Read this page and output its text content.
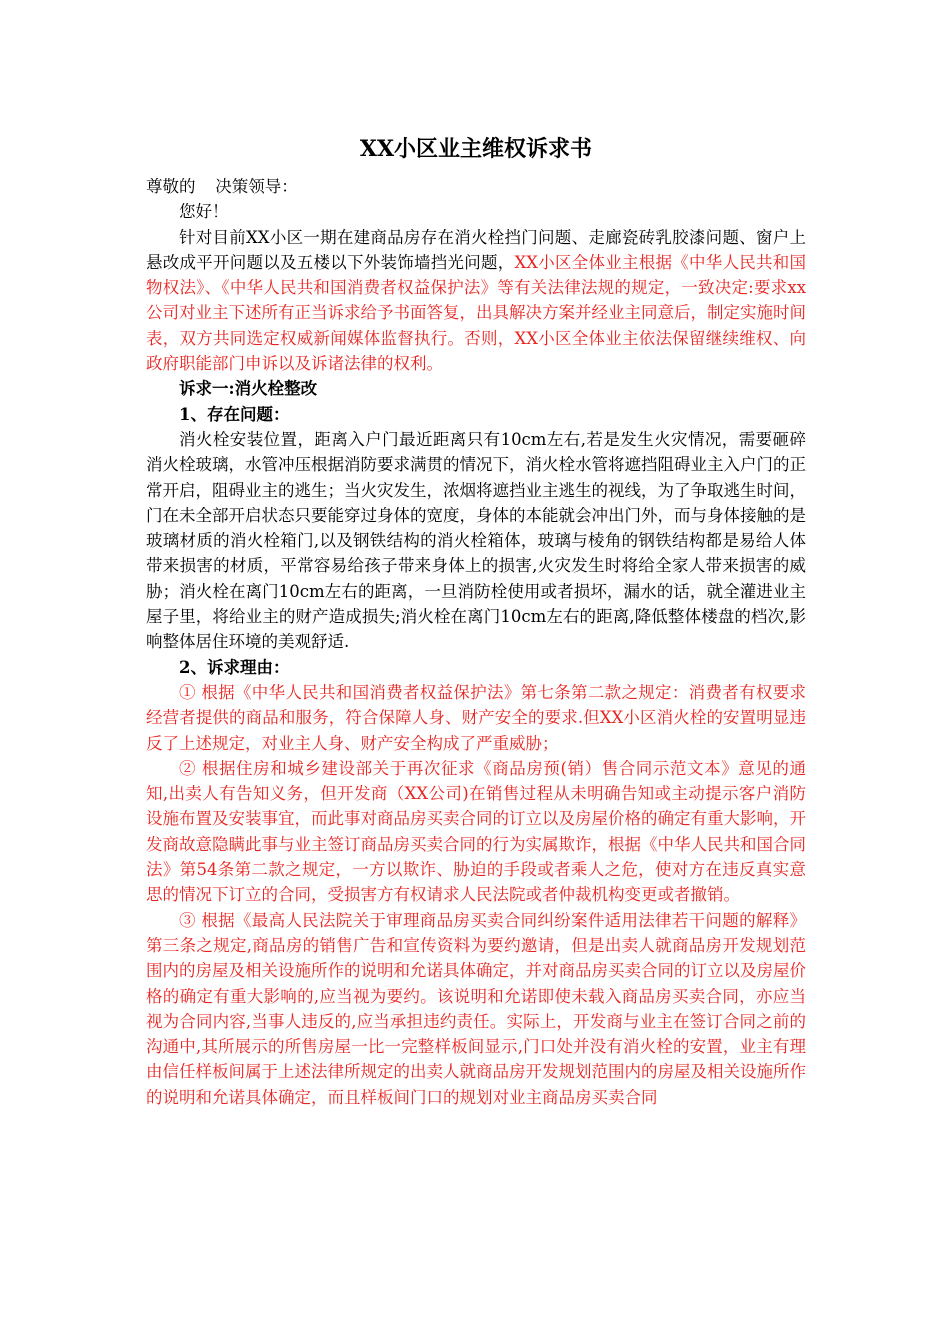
XX小区业主维权诉求书

尊敬的 决策领导：

您好！

针对目前XX小区一期在建商品房存在消火栓挡门问题、走廊瓷砖乳胶漆问题、窗户上悬改成平开问题以及五楼以下外装饰墙挡光问题，XX小区全体业主根据《中华人民共和国物权法》、《中华人民共和国消费者权益保护法》等有关法律法规的规定，一致决定:要求xx公司对业主下述所有正当诉求给予书面答复，出具解决方案并经业主同意后，制定实施时间表，双方共同选定权威新闻媒体监督执行。否则，XX小区全体业主依法保留继续维权、向政府职能部门申诉以及诉诸法律的权利。

诉求一:消火栓整改

1、存在问题：

消火栓安装位置，距离入户门最近距离只有10cm左右,若是发生火灾情况，需要砸碎消火栓玻璃，水管冲压根据消防要求满贯的情况下，消火栓水管将遮挡阻碍业主入户门的正常开启，阻碍业主的逃生；当火灾发生，浓烟将遮挡业主逃生的视线，为了争取逃生时间，门在未全部开启状态只要能穿过身体的宽度，身体的本能就会冲出门外，而与身体接触的是玻璃材质的消火栓箱门,以及钢铁结构的消火栓箱体，玻璃与棱角的钢铁结构都是易给人体带来损害的材质，平常容易给孩子带来身体上的损害,火灾发生时将给全家人带来损害的威胁；消火栓在离门10cm左右的距离，一旦消防栓使用或者损坏，漏水的话，就全灌进业主屋子里，将给业主的财产造成损失;消火栓在离门10cm左右的距离,降低整体楼盘的档次,影响整体居住环境的美观舒适.

2、诉求理由：

① 根据《中华人民共和国消费者权益保护法》第七条第二款之规定：消费者有权要求经营者提供的商品和服务，符合保障人身、财产安全的要求.但XX小区消火栓的安置明显违反了上述规定，对业主人身、财产安全构成了严重威胁；

② 根据住房和城乡建设部关于再次征求《商品房预(销）售合同示范文本》意见的通知,出卖人有告知义务，但开发商（XX公司)在销售过程从未明确告知或主动提示客户消防设施布置及安装事宜，而此事对商品房买卖合同的订立以及房屋价格的确定有重大影响，开发商故意隐瞒此事与业主签订商品房买卖合同的行为实属欺诈，根据《中华人民共和国合同法》第54条第二款之规定，一方以欺诈、胁迫的手段或者乘人之危，使对方在违反真实意思的情况下订立的合同，受损害方有权请求人民法院或者仲裁机构变更或者撤销。

③ 根据《最高人民法院关于审理商品房买卖合同纠纷案件适用法律若干问题的解释》第三条之规定,商品房的销售广告和宣传资料为要约邀请，但是出卖人就商品房开发规划范围内的房屋及相关设施所作的说明和允诺具体确定，并对商品房买卖合同的订立以及房屋价格的确定有重大影响的,应当视为要约。该说明和允诺即使未载入商品房买卖合同，亦应当视为合同内容,当事人违反的,应当承担违约责任。实际上，开发商与业主在签订合同之前的沟通中,其所展示的所售房屋一比一完整样板间显示,门口处并没有消火栓的安置，业主有理由信任样板间属于上述法律所规定的出卖人就商品房开发规划范围内的房屋及相关设施所作的说明和允诺具体确定，而且样板间门口的规划对业主商品房买卖合同
